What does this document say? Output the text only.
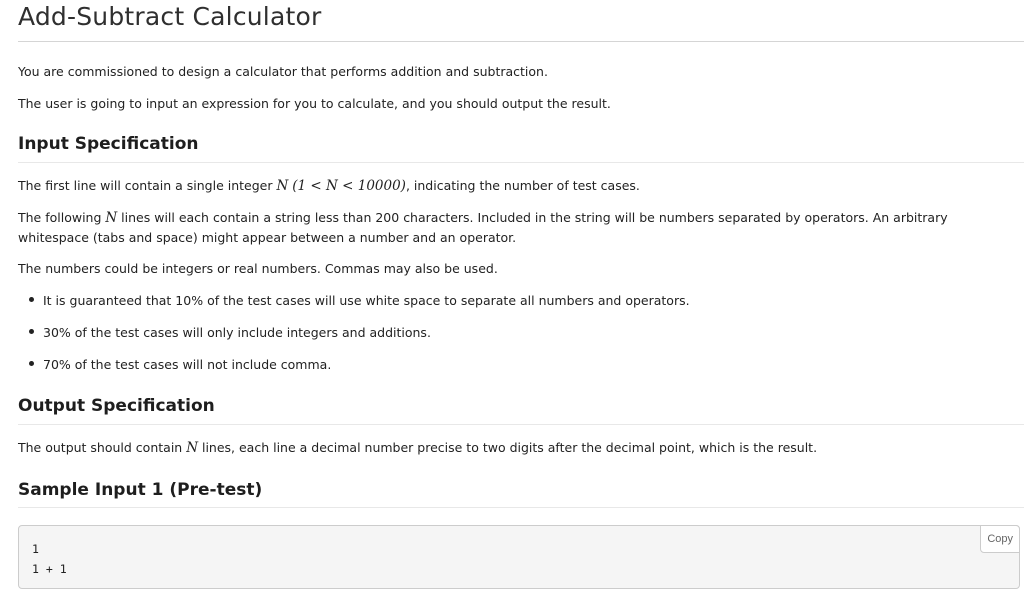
Add-Subtract Calculator

You are commissioned to design a calculator that performs addition and subtraction.

The user is going to input an expression for you to calculate, and you should output the result.

Input Specification

The first line will contain a single integer N (1 < N < 10000), indicating the number of test cases.

The following N lines will each contain a string less than 200 characters. Included in the string will be numbers separated by operators. An arbitrary whitespace (tabs and space) might appear between a number and an operator.

The numbers could be integers or real numbers. Commas may also be used.

It is guaranteed that 10% of the test cases will use white space to separate all numbers and operators.

30% of the test cases will only include integers and additions.

70% of the test cases will not include comma.

Output Specification

The output should contain N lines, each line a decimal number precise to two digits after the decimal point, which is the result.

Sample Input 1 (Pre-test)
1
1 + 1
Copy
